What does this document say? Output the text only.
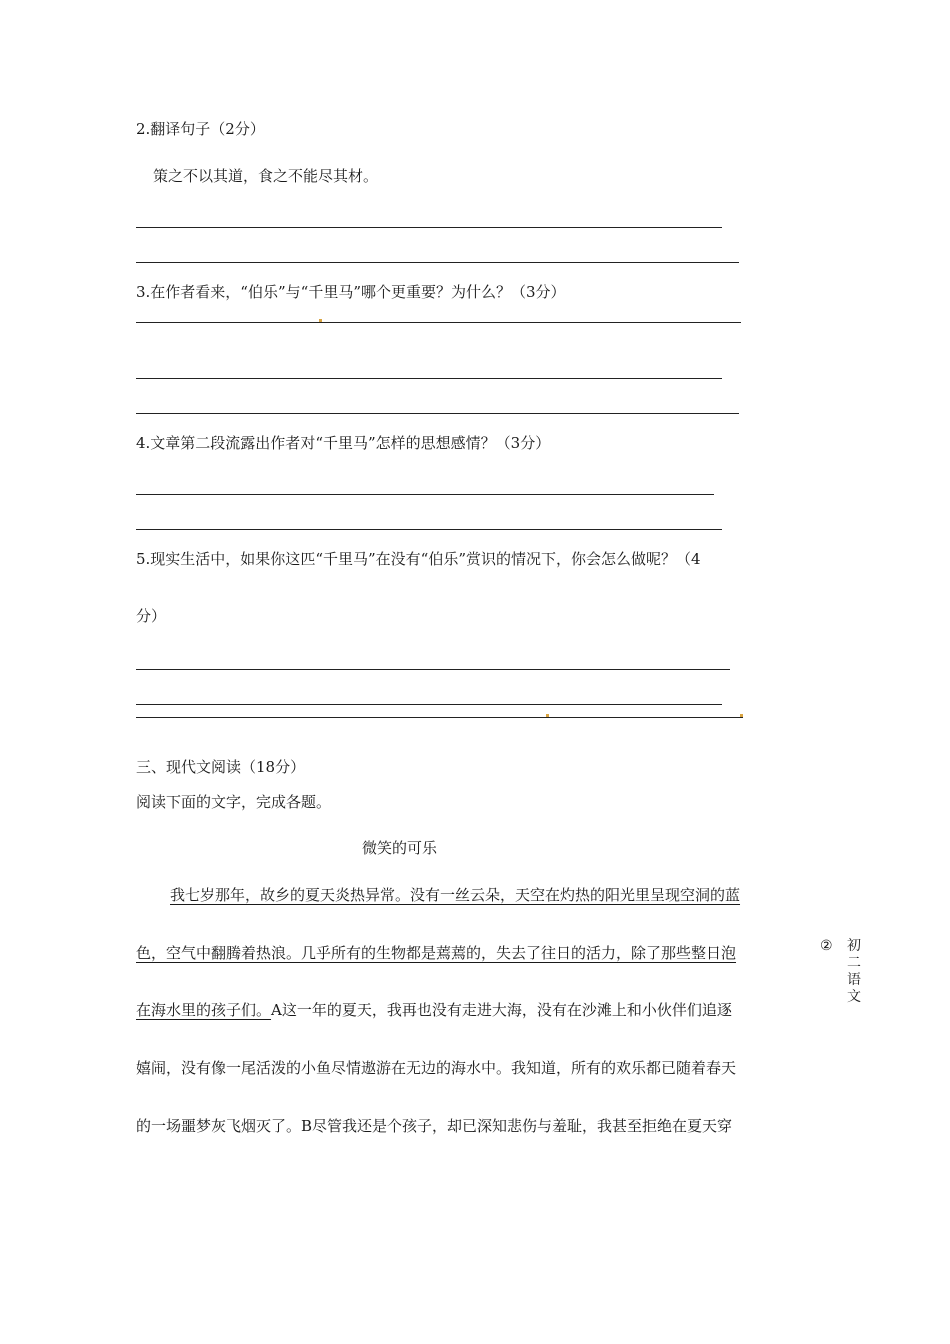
2.翻译句子（2分）
策之不以其道，食之不能尽其材。
3.在作者看来，“伯乐”与“千里马”哪个更重要？为什么？（3分）
4.文章第二段流露出作者对“千里马”怎样的思想感情？（3分）
5.现实生活中，如果你这匹“千里马”在没有“伯乐”赏识的情况下，你会怎么做呢？（4
分）
三、现代文阅读（18分）
阅读下面的文字，完成各题。
微笑的可乐
我七岁那年，故乡的夏天炎热异常。没有一丝云朵，天空在灼热的阳光里呈现空洞的蓝
色，空气中翻腾着热浪。几乎所有的生物都是蔫蔫的，失去了往日的活力，除了那些整日泡
在海水里的孩子们。A这一年的夏天，我再也没有走进大海，没有在沙滩上和小伙伴们追逐
嬉闹，没有像一尾活泼的小鱼尽情遨游在无边的海水中。我知道，所有的欢乐都已随着春天
的一场噩梦灰飞烟灭了。B尽管我还是个孩子，却已深知悲伤与羞耻，我甚至拒绝在夏天穿
② 初二语文
